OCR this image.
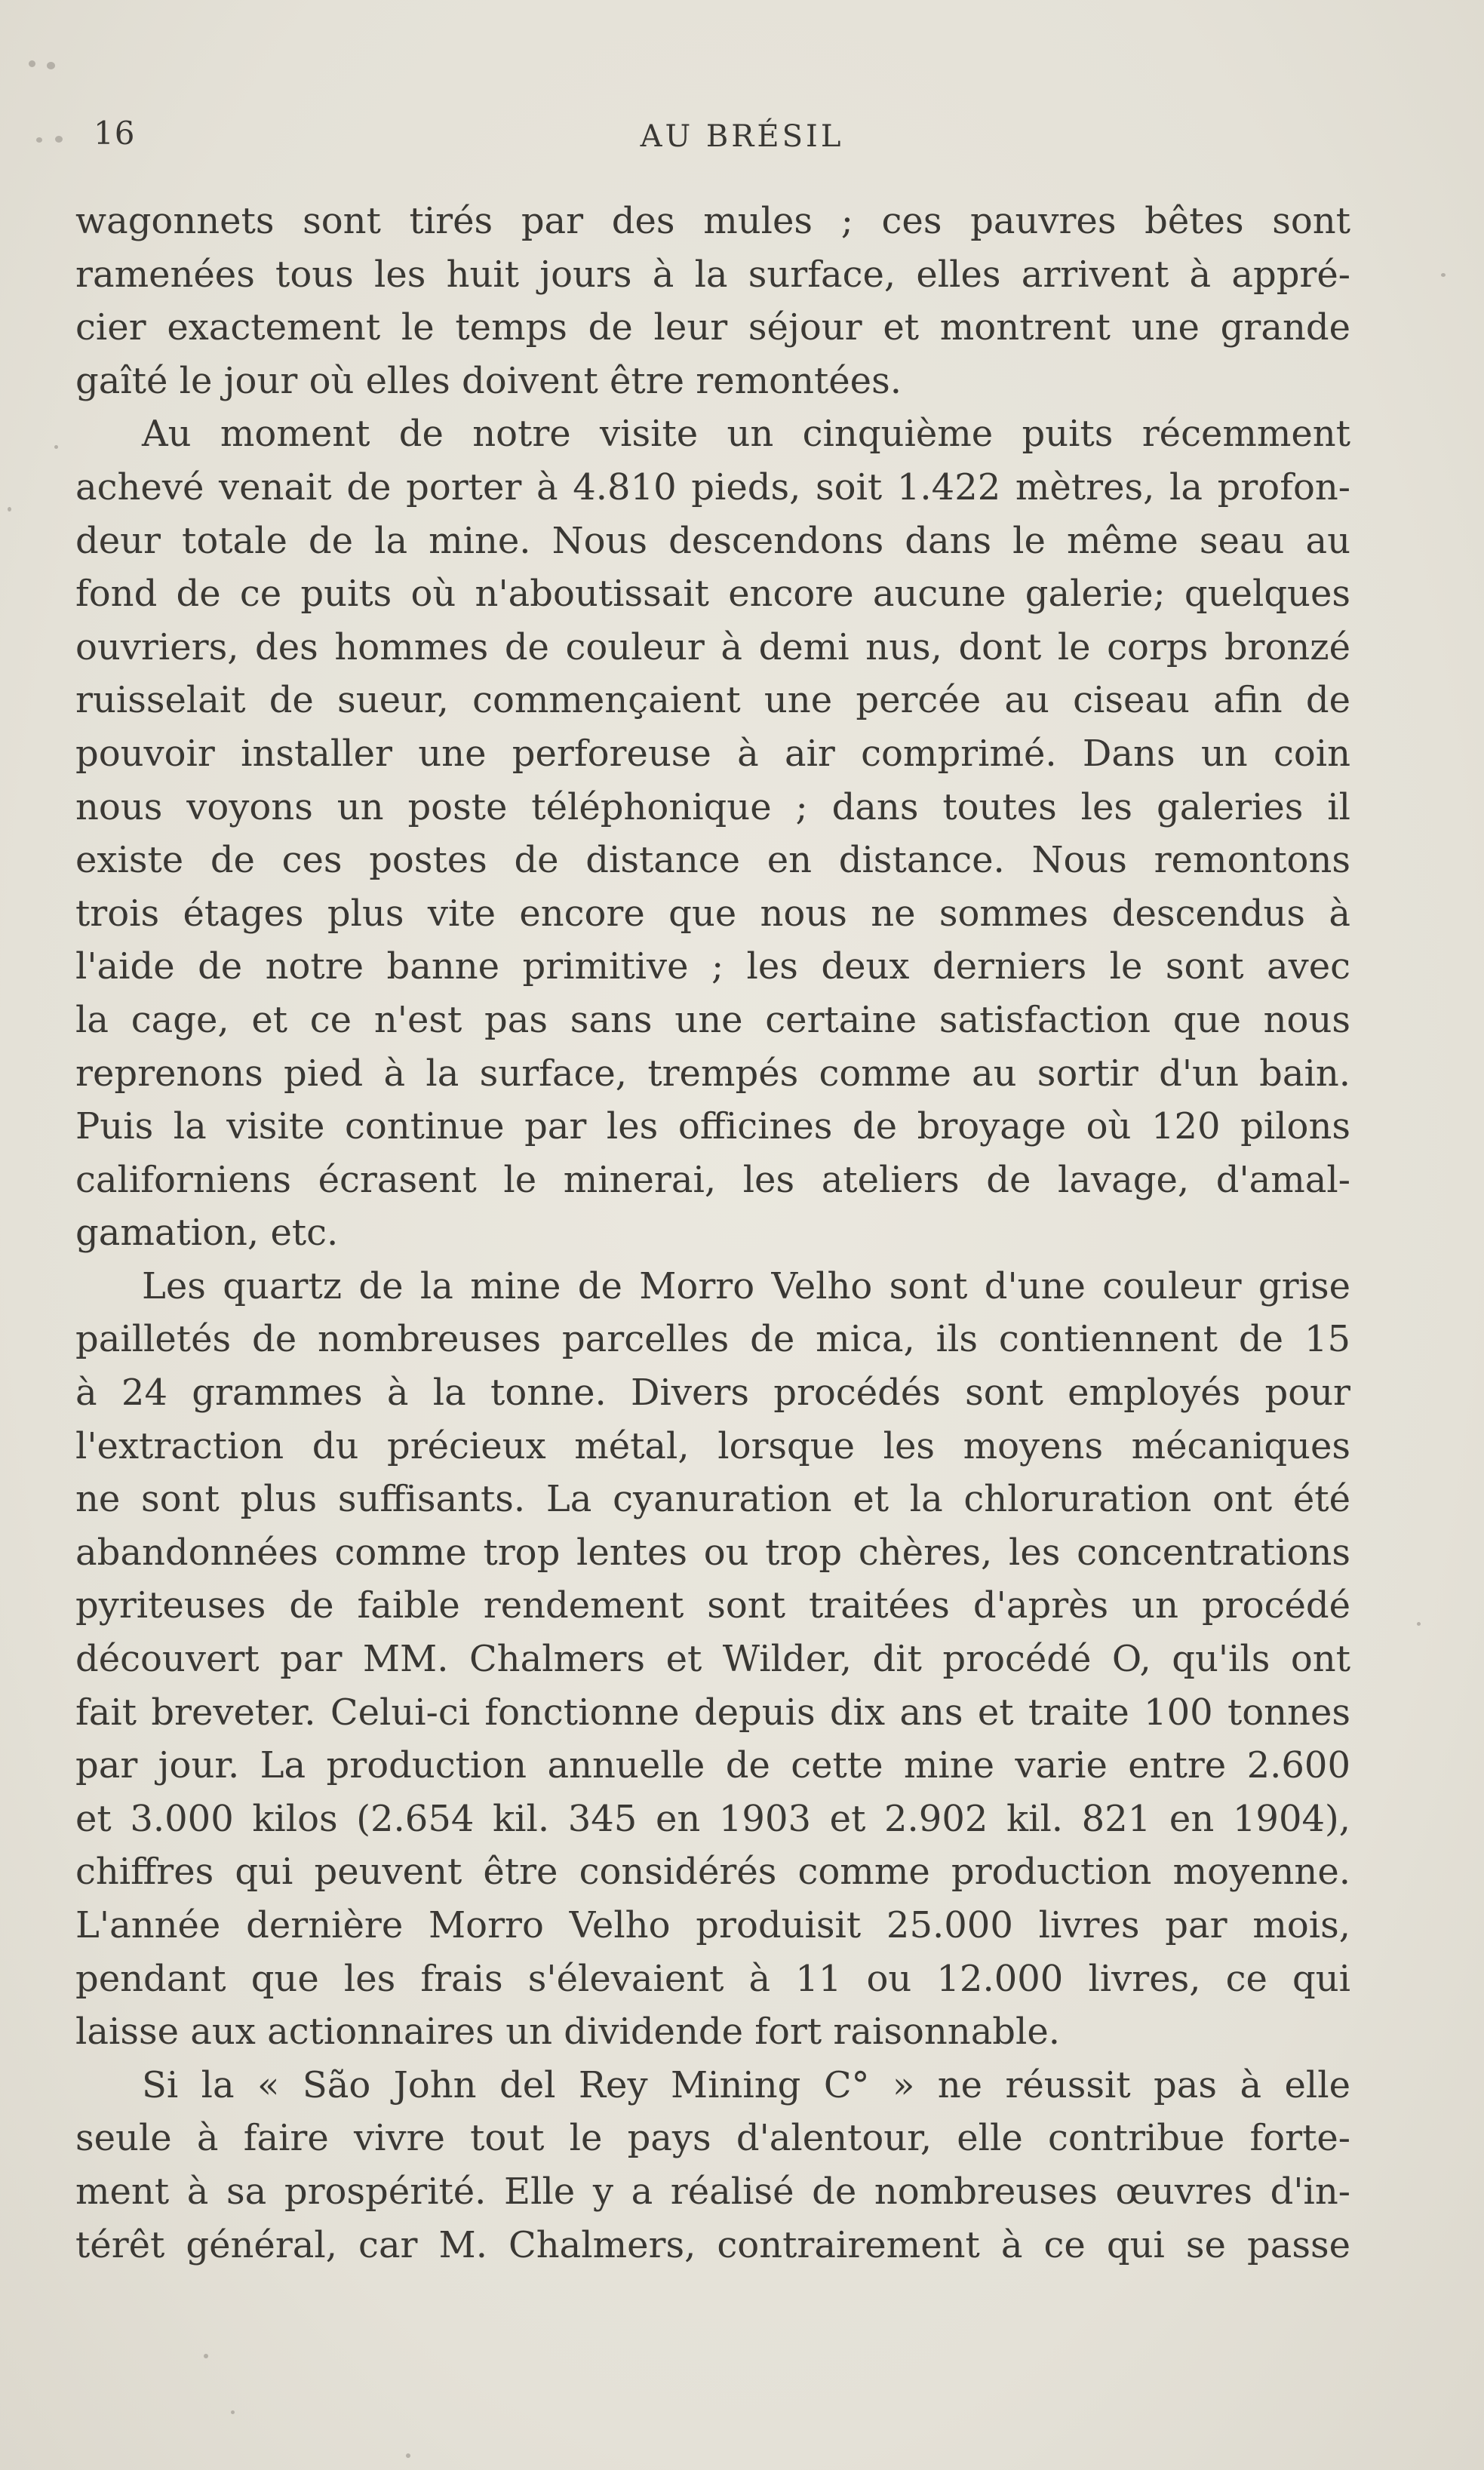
16	AU BRÉSIL
wagonnets sont tirés par des mules ; ces pauvres bêtes sont
ramenées tous les huit jours à la surface, elles arrivent à appré-
cier exactement le temps de leur séjour et montrent une grande
gaîté le jour où elles doivent être remontées.
Au moment de notre visite un cinquième puits récemment
achevé venait de porter à 4.810 pieds, soit 1.422 mètres, la profon-
deur totale de la mine. Nous descendons dans le même seau au
fond de ce puits où n'aboutissait encore aucune galerie; quelques
ouvriers, des hommes de couleur à demi nus, dont le corps bronzé
ruisselait de sueur, commençaient une percée au ciseau afin de
pouvoir installer une perforeuse à air comprimé. Dans un coin
nous voyons un poste téléphonique ; dans toutes les galeries il
existe de ces postes de distance en distance. Nous remontons
trois étages plus vite encore que nous ne sommes descendus à
l'aide de notre banne primitive ; les deux derniers le sont avec
la cage, et ce n'est pas sans une certaine satisfaction que nous
reprenons pied à la surface, trempés comme au sortir d'un bain.
Puis la visite continue par les officines de broyage où 120 pilons
californiens écrasent le minerai, les ateliers de lavage, d'amal-
gamation, etc.
Les quartz de la mine de Morro Velho sont d'une couleur grise
pailletés de nombreuses parcelles de mica, ils contiennent de 15
à 24 grammes à la tonne. Divers procédés sont employés pour
l'extraction du précieux métal, lorsque les moyens mécaniques
ne sont plus suffisants. La cyanuration et la chloruration ont été
abandonnées comme trop lentes ou trop chères, les concentrations
pyriteuses de faible rendement sont traitées d'après un procédé
découvert par MM. Chalmers et Wilder, dit procédé O, qu'ils ont
fait breveter. Celui-ci fonctionne depuis dix ans et traite 100 tonnes
par jour. La production annuelle de cette mine varie entre 2.600
et 3.000 kilos (2.654 kil. 345 en 1903 et 2.902 kil. 821 en 1904),
chiffres qui peuvent être considérés comme production moyenne.
L'année dernière Morro Velho produisit 25.000 livres par mois,
pendant que les frais s'élevaient à 11 ou 12.000 livres, ce qui
laisse aux actionnaires un dividende fort raisonnable.
Si la « São John del Rey Mining C° » ne réussit pas à elle
seule à faire vivre tout le pays d'alentour, elle contribue forte-
ment à sa prospérité. Elle y a réalisé de nombreuses œuvres d'in-
térêt général, car M. Chalmers, contrairement à ce qui se passe
